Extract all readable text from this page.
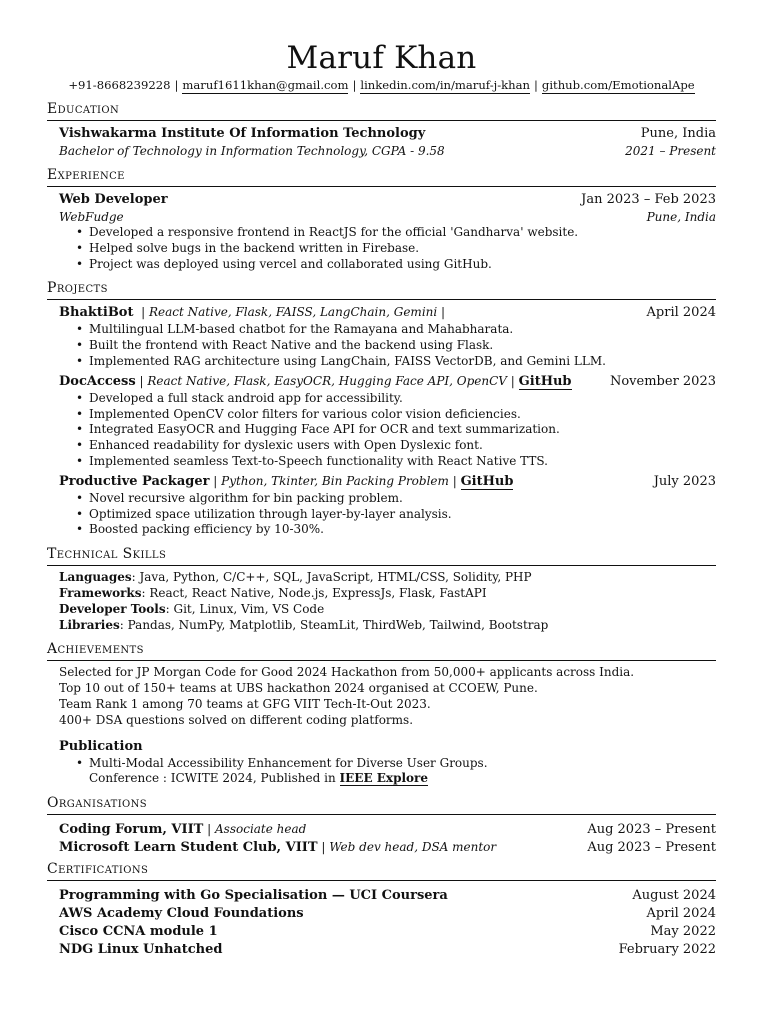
Maruf Khan
+91-8668239228 | maruf1611khan@gmail.com | linkedin.com/in/maruf-j-khan | github.com/EmotionalApe
Education
Vishwakarma Institute Of Information Technology	Pune, India
Bachelor of Technology in Information Technology, CGPA - 9.58	2021 – Present
Experience
Web Developer	Jan 2023 – Feb 2023
WebFudge	Pune, India
• Developed a responsive frontend in ReactJS for the official 'Gandharva' website.
• Helped solve bugs in the backend written in Firebase.
• Project was deployed using vercel and collaborated using GitHub.
Projects
BhaktiBot  | React Native, Flask, FAISS, LangChain, Gemini |	April 2024
• Multilingual LLM-based chatbot for the Ramayana and Mahabharata.
• Built the frontend with React Native and the backend using Flask.
• Implemented RAG architecture using LangChain, FAISS VectorDB, and Gemini LLM.
DocAccess | React Native, Flask, EasyOCR, Hugging Face API, OpenCV | GitHub	November 2023
• Developed a full stack android app for accessibility.
• Implemented OpenCV color filters for various color vision deficiencies.
• Integrated EasyOCR and Hugging Face API for OCR and text summarization.
• Enhanced readability for dyslexic users with Open Dyslexic font.
• Implemented seamless Text-to-Speech functionality with React Native TTS.
Productive Packager | Python, Tkinter, Bin Packing Problem | GitHub	July 2023
• Novel recursive algorithm for bin packing problem.
• Optimized space utilization through layer-by-layer analysis.
• Boosted packing efficiency by 10-30%.
Technical Skills
Languages: Java, Python, C/C++, SQL, JavaScript, HTML/CSS, Solidity, PHP
Frameworks: React, React Native, Node.js, ExpressJs, Flask, FastAPI
Developer Tools: Git, Linux, Vim, VS Code
Libraries: Pandas, NumPy, Matplotlib, SteamLit, ThirdWeb, Tailwind, Bootstrap
Achievements
Selected for JP Morgan Code for Good 2024 Hackathon from 50,000+ applicants across India.
Top 10 out of 150+ teams at UBS hackathon 2024 organised at CCOEW, Pune.
Team Rank 1 among 70 teams at GFG VIIT Tech-It-Out 2023.
400+ DSA questions solved on different coding platforms.
Publication
• Multi-Modal Accessibility Enhancement for Diverse User Groups.
Conference : ICWITE 2024, Published in IEEE Explore
Organisations
Coding Forum, VIIT | Associate head	Aug 2023 – Present
Microsoft Learn Student Club, VIIT | Web dev head, DSA mentor	Aug 2023 – Present
Certifications
Programming with Go Specialisation — UCI Coursera	August 2024
AWS Academy Cloud Foundations	April 2024
Cisco CCNA module 1	May 2022
NDG Linux Unhatched	February 2022
